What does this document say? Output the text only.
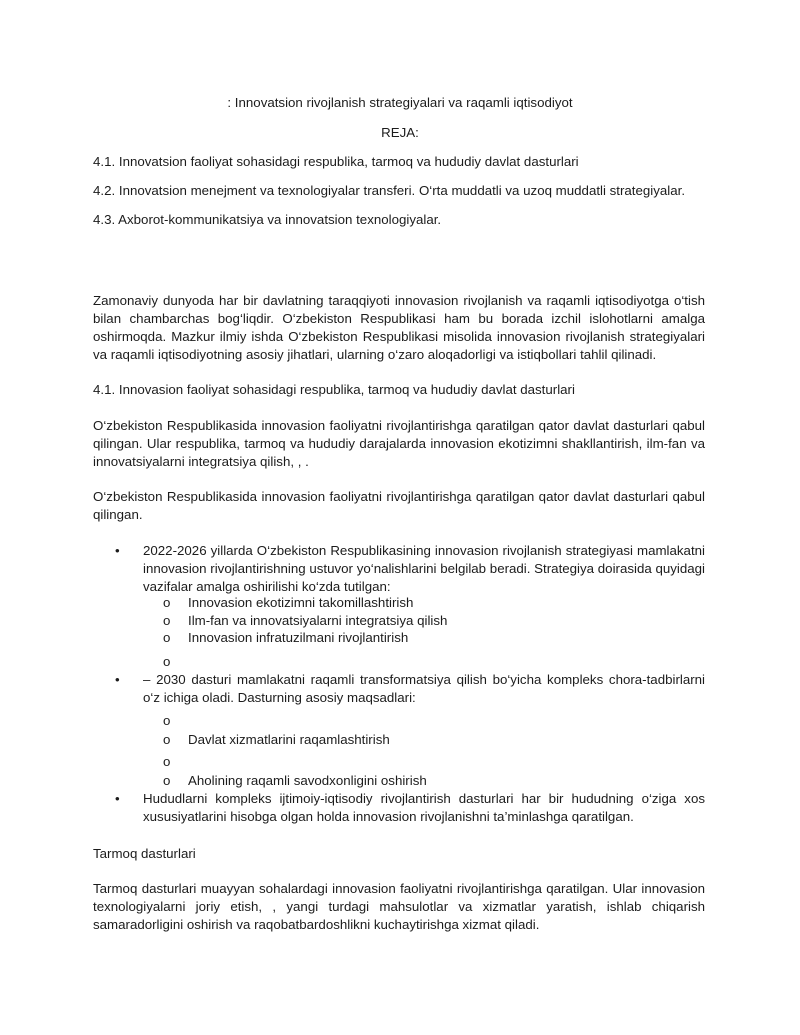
: Innovatsion rivojlanish strategiyalari va raqamli iqtisodiyot
REJA:
4.1. Innovatsion faoliyat sohasidagi respublika, tarmoq va hududiy davlat dasturlari
4.2. Innovatsion menejment va texnologiyalar transferi. O‘rta muddatli va uzoq muddatli strategiyalar.
4.3. Axborot-kommunikatsiya va innovatsion texnologiyalar.
Zamonaviy dunyoda har bir davlatning taraqqiyoti innovasion rivojlanish va raqamli iqtisodiyotga o‘tish bilan chambarchas bog‘liqdir. O‘zbekiston Respublikasi ham bu borada izchil islohotlarni amalga oshirmoqda. Mazkur ilmiy ishda O‘zbekiston Respublikasi misolida innovasion rivojlanish strategiyalari va raqamli iqtisodiyotning asosiy jihatlari, ularning o‘zaro aloqadorligi va istiqbollari tahlil qilinadi.
4.1. Innovasion faoliyat sohasidagi respublika, tarmoq va hududiy davlat dasturlari
O‘zbekiston Respublikasida innovasion faoliyatni rivojlantirishga qaratilgan qator davlat dasturlari qabul qilingan. Ular respublika, tarmoq va hududiy darajalarda innovasion ekotizimni shakllantirish, ilm-fan va innovatsiyalarni integratsiya qilish, , .
O‘zbekiston Respublikasida innovasion faoliyatni rivojlantirishga qaratilgan qator davlat dasturlari qabul qilingan.
• 2022-2026 yillarda O‘zbekiston Respublikasining innovasion rivojlanish strategiyasi mamlakatni innovasion rivojlantirishning ustuvor yo‘nalishlarini belgilab beradi. Strategiya doirasida quyidagi vazifalar amalga oshirilishi ko‘zda tutilgan:
o Innovasion ekotizimni takomillashtirish
o Ilm-fan va innovatsiyalarni integratsiya qilish
o Innovasion infratuzilmani rivojlantirish
o
• – 2030 dasturi mamlakatni raqamli transformatsiya qilish bo‘yicha kompleks chora-tadbirlarni o‘z ichiga oladi. Dasturning asosiy maqsadlari:
o
o Davlat xizmatlarini raqamlashtirish
o
o Aholining raqamli savodxonligini oshirish
• Hududlarni kompleks ijtimoiy-iqtisodiy rivojlantirish dasturlari har bir hududning o‘ziga xos xususiyatlarini hisobga olgan holda innovasion rivojlanishni ta’minlashga qaratilgan.
Tarmoq dasturlari
Tarmoq dasturlari muayyan sohalardagi innovasion faoliyatni rivojlantirishga qaratilgan. Ular innovasion texnologiyalarni joriy etish, , yangi turdagi mahsulotlar va xizmatlar yaratish, ishlab chiqarish samaradorligini oshirish va raqobatbardoshlikni kuchaytirishga xizmat qiladi.
